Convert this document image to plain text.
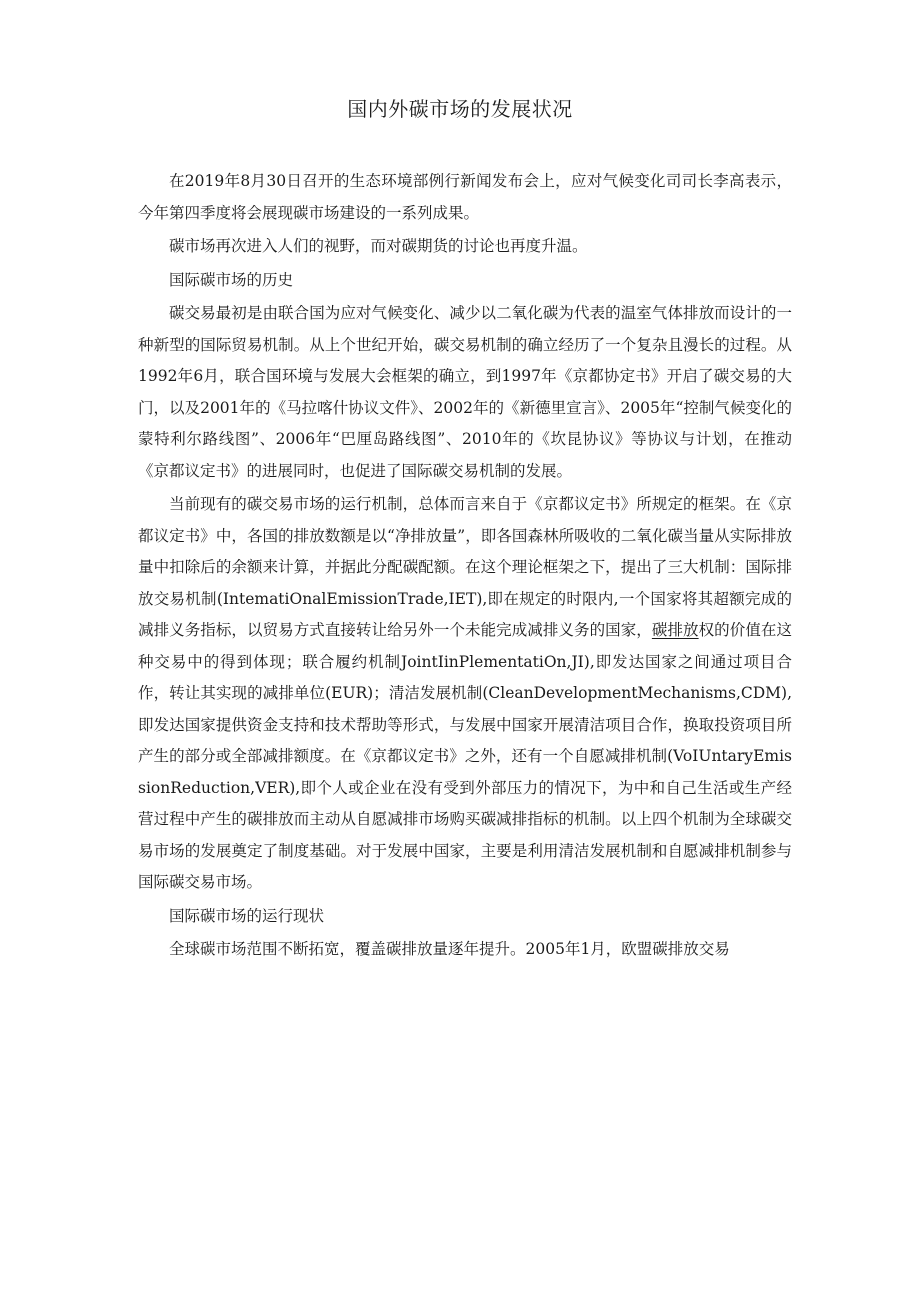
国内外碳市场的发展状况

在2019年8月30日召开的生态环境部例行新闻发布会上，应对气候变化司司长李高表示，今年第四季度将会展现碳市场建设的一系列成果。

碳市场再次进入人们的视野，而对碳期货的讨论也再度升温。

国际碳市场的历史

碳交易最初是由联合国为应对气候变化、减少以二氧化碳为代表的温室气体排放而设计的一种新型的国际贸易机制。从上个世纪开始，碳交易机制的确立经历了一个复杂且漫长的过程。从1992年6月，联合国环境与发展大会框架的确立，到1997年《京都协定书》开启了碳交易的大门，以及2001年的《马拉喀什协议文件》、2002年的《新德里宣言》、2005年“控制气候变化的蒙特利尔路线图”、2006年“巴厘岛路线图”、2010年的《坎昆协议》等协议与计划，在推动《京都议定书》的进展同时，也促进了国际碳交易机制的发展。

当前现有的碳交易市场的运行机制，总体而言来自于《京都议定书》所规定的框架。在《京都议定书》中，各国的排放数额是以“净排放量”，即各国森林所吸收的二氧化碳当量从实际排放量中扣除后的余额来计算，并据此分配碳配额。在这个理论框架之下，提出了三大机制：国际排放交易机制(IntematiOnalEmissionTrade,IET),即在规定的时限内,一个国家将其超额完成的减排义务指标，以贸易方式直接转让给另外一个未能完成减排义务的国家，碳排放权的价值在这种交易中的得到体现；联合履约机制JointIinPlementatiOn,JI),即发达国家之间通过项目合作，转让其实现的减排单位(EUR)；清洁发展机制(CleanDevelopmentMechanisms,CDM),即发达国家提供资金支持和技术帮助等形式，与发展中国家开展清洁项目合作，换取投资项目所产生的部分或全部减排额度。在《京都议定书》之外，还有一个自愿减排机制(VoIUntaryEmissionReduction,VER),即个人或企业在没有受到外部压力的情况下，为中和自己生活或生产经营过程中产生的碳排放而主动从自愿减排市场购买碳减排指标的机制。以上四个机制为全球碳交易市场的发展奠定了制度基础。对于发展中国家，主要是利用清洁发展机制和自愿减排机制参与国际碳交易市场。

国际碳市场的运行现状

全球碳市场范围不断拓宽，覆盖碳排放量逐年提升。2005年1月，欧盟碳排放交易
